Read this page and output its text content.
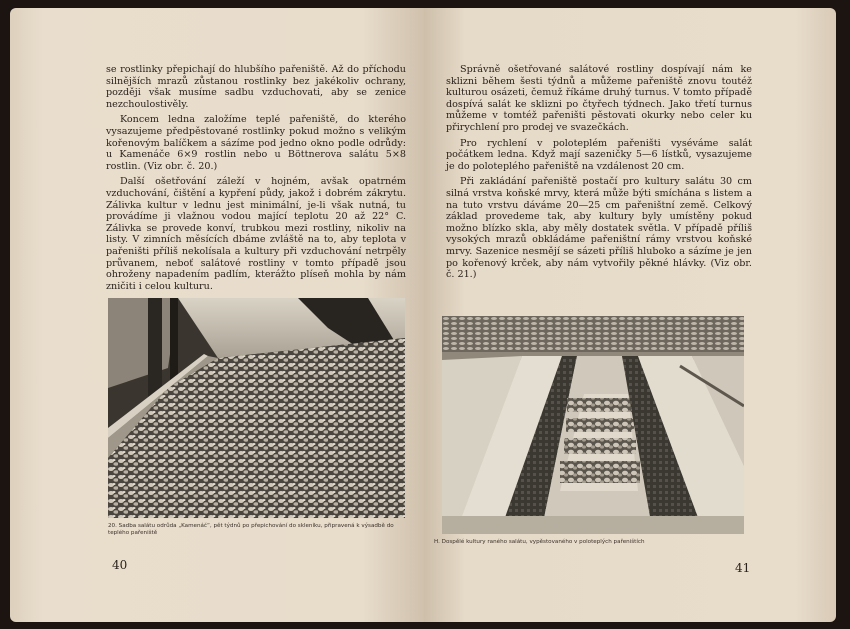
se rostlinky přepichají do hlubšího pařeniště. Až do příchodu silnějších mrazů zůstanou rostlinky bez jakékoliv ochrany, později však musíme sadbu vzduchovati, aby se zenice nezchoulostivěly.

Koncem ledna založíme teplé pařeniště, do kterého vysazujeme předpěstované rostlinky pokud možno s velikým kořenovým balíčkem a sázíme pod jedno okno podle odrůdy: u Kamenáče 6×9 rostlin nebo u Böttnerova salátu 5×8 rostlin. (Viz obr. č. 20.)

Další ošetřování záleží v hojném, avšak opatrném vzduchování, čištění a kypření půdy, jakož i dobrém zákrytu. Zálivka kultur v lednu jest minimální, je-li však nutná, tu provádíme ji vlažnou vodou mající teplotu 20 až 22° C. Zálivka se provede konví, trubkou mezi rostliny, nikoliv na listy. V zimních měsících dbáme zvláště na to, aby teplota v pařeništi příliš nekolísala a kultury při vzduchování netrpěly průvanem, neboť salátové rostliny v tomto případě jsou ohroženy napadením padlím, kterážto plíseň mohla by nám zničiti i celou kulturu.

20. Sadba salátu odrůda „Kamenáč“, pět týdnů po přepichování do skleníku, připravená k výsadbě do teplého pařeniště
40

Správně ošetřované salátové rostliny dospívají nám ke sklizni během šesti týdnů a můžeme pařeniště znovu toutéž kulturou osázeti, čemuž říkáme druhý turnus. V tomto případě dospívá salát ke sklizni po čtyřech týdnech. Jako třetí turnus můžeme v tomtéž pařeništi pěstovati okurky nebo celer ku přirychlení pro prodej ve svazečkách.

Pro rychlení v poloteplém pařeništi vyséváme salát počátkem ledna. Když mají sazeničky 5—6 lístků, vysazujeme je do poloteplého pařeniště na vzdálenost 20 cm.

Při zakládání pařeniště postačí pro kultury salátu 30 cm silná vrstva koňské mrvy, která může býti smíchána s listem a na tuto vrstvu dáváme 20—25 cm pařeništní země. Celkový základ provedeme tak, aby kultury byly umístěny pokud možno blízko skla, aby měly dostatek světla. V případě příliš vysokých mrazů obkládáme pařeništní rámy vrstvou koňské mrvy. Sazenice nesmějí se sázeti příliš hluboko a sázíme je jen po kořenový krček, aby nám vytvořily pěkné hlávky. (Viz obr. č. 21.)

H. Dospělé kultury raného salátu, vypěstovaného v poloteplých pařeništích
41
